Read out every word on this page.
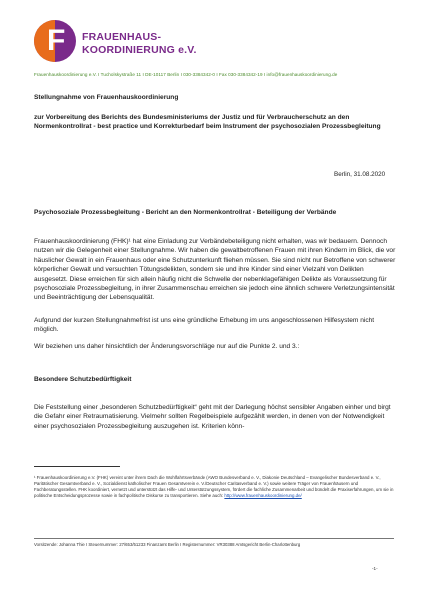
F FRAUENHAUS-
KOORDINIERUNG e.V.
Frauenhauskoordinierung e.V. I Tucholskystraße 11 I DE-10117 Berlin I 030-3384342-0 I Fax 030-3384342-19 I info@frauenhauskoordinierung.de
Stellungnahme von Frauenhauskoordinierung
zur Vorbereitung des Berichts des Bundesministeriums der Justiz und für Verbraucherschutz an den Normenkontrollrat - best practice und Korrekturbedarf beim Instrument der psychosozialen Prozessbegleitung
Berlin, 31.08.2020
Psychosoziale Prozessbegleitung - Bericht an den Normenkontrollrat - Beteiligung der Verbände
Frauenhauskoordinierung (FHK)¹ hat eine Einladung zur Verbändebeteiligung nicht erhalten, was wir bedauern. Dennoch nutzen wir die Gelegenheit einer Stellungnahme. Wir haben die gewaltbetroffenen Frauen mit ihren Kindern im Blick, die vor häuslicher Gewalt in ein Frauenhaus oder eine Schutzunterkunft fliehen müssen. Sie sind nicht nur Betroffene von schwerer körperlicher Gewalt und versuchten Tötungsdelikten, sondern sie und ihre Kinder sind einer Vielzahl von Delikten ausgesetzt. Diese erreichen für sich allein häufig nicht die Schwelle der nebenklagefähigen Delikte als Voraussetzung für psychosoziale Prozessbegleitung, in ihrer Zusammenschau erreichen sie jedoch eine ähnlich schwere Verletzungsintensität und Beeinträchtigung der Lebensqualität.
Aufgrund der kurzen Stellungnahmefrist ist uns eine gründliche Erhebung im uns angeschlossenen Hilfesystem nicht möglich.
Wir beziehen uns daher hinsichtlich der Änderungsvorschläge nur auf die Punkte 2. und 3.:
Besondere Schutzbedürftigkeit
Die Feststellung einer „besonderen Schutzbedürftigkeit“ geht mit der Darlegung höchst sensibler Angaben einher und birgt die Gefahr einer Retraumatisierung. Vielmehr sollten Regelbeispiele aufgezählt werden, in denen von der Notwendigkeit einer psychosozialen Prozessbegleitung auszugehen ist. Kriterien könn-
¹ Frauenhauskoordinierung e.V. (FHK) vereint unter ihrem Dach die Wohlfahrtsverbände (AWO Bundesverband e. V., Diakonie Deutschland – Evangelischer Bundesverband e. V., Paritätischer Gesamtverband e. V., Sozialdienst katholischer Frauen Gesamtverein e. V./Deutscher Caritasverband e. V.) sowie weitere Träger von Frauenhäusern und Fachberatungsstellen. FHK koordiniert, vernetzt und unterstützt das Hilfe- und Unterstützungssystem, fördert die fachliche Zusammenarbeit und bündelt die Praxiserfahrungen, um sie in politische Entscheidungsprozesse sowie in fachpolitische Diskurse zu transportieren. Siehe auch: http://www.frauenhauskoordinierung.de/
Vorsitzende: Johanna Thie I Steuernummer: 27/653/51233 Finanzamt Berlin I Registernummer: VR30388 Amtsgericht Berlin-Charlottenburg
-1-
